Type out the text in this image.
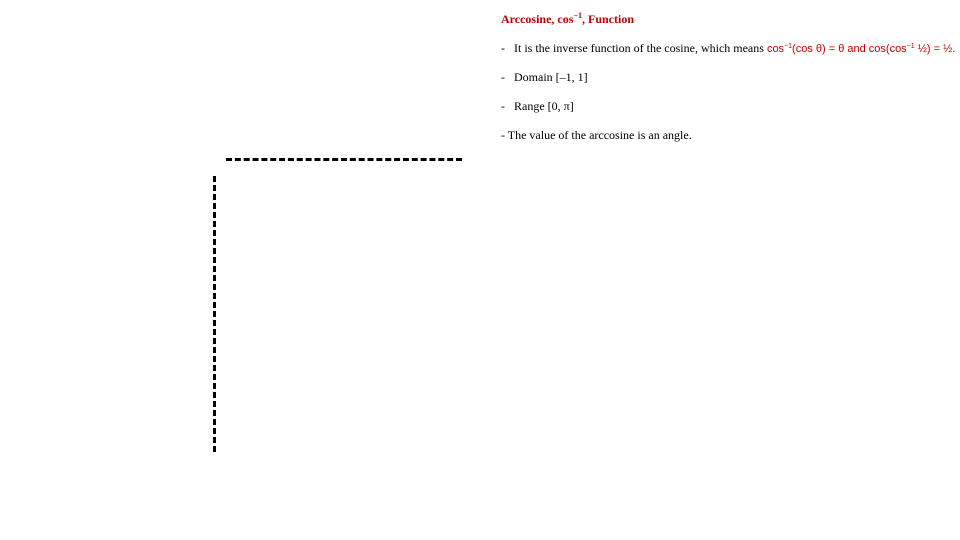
Arccosine, $\cos^{-1}$, Function
- It is the inverse function of the cosine, which means $\cos^{-1}(\cos$ θ) = θ and $\cos(\cos^{-1}$ ½) = ½.
- Domain [–1, 1]
- Range [0, π]
- The value of the arccosine is an angle.
